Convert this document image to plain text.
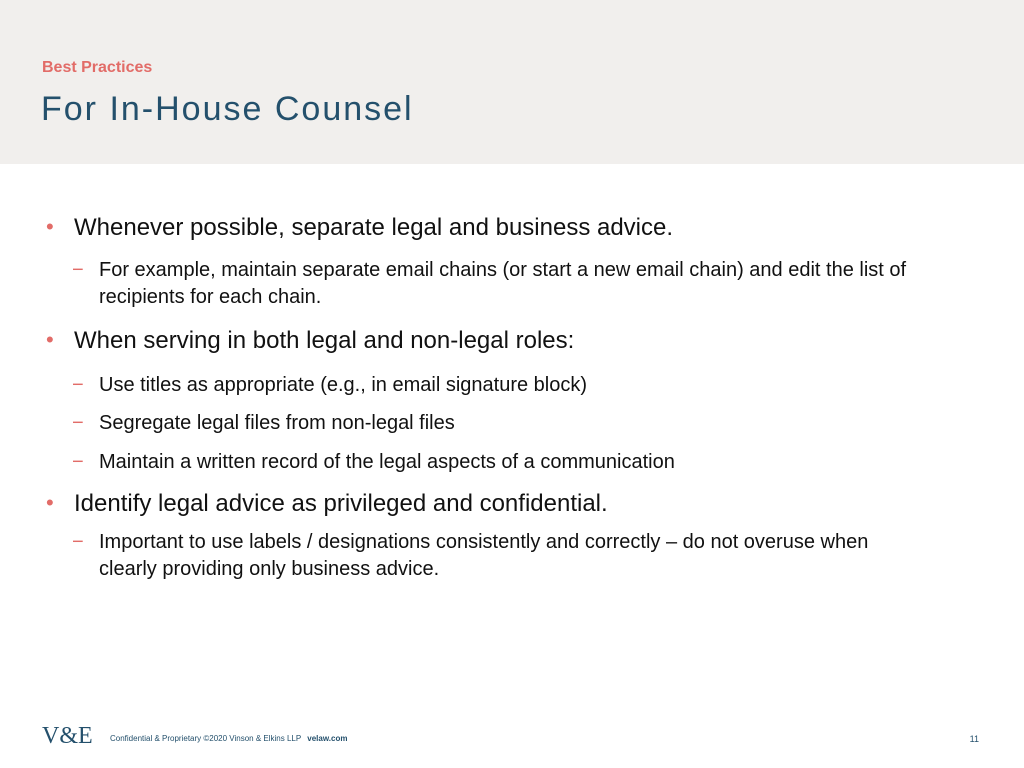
Best Practices
For In-House Counsel
• Whenever possible, separate legal and business advice.
− For example, maintain separate email chains (or start a new email chain) and edit the list of recipients for each chain.
• When serving in both legal and non-legal roles:
− Use titles as appropriate (e.g., in email signature block)
− Segregate legal files from non-legal files
− Maintain a written record of the legal aspects of a communication
• Identify legal advice as privileged and confidential.
− Important to use labels / designations consistently and correctly – do not overuse when clearly providing only business advice.
V&E Confidential & Proprietary ©2020 Vinson & Elkins LLP velaw.com	11
